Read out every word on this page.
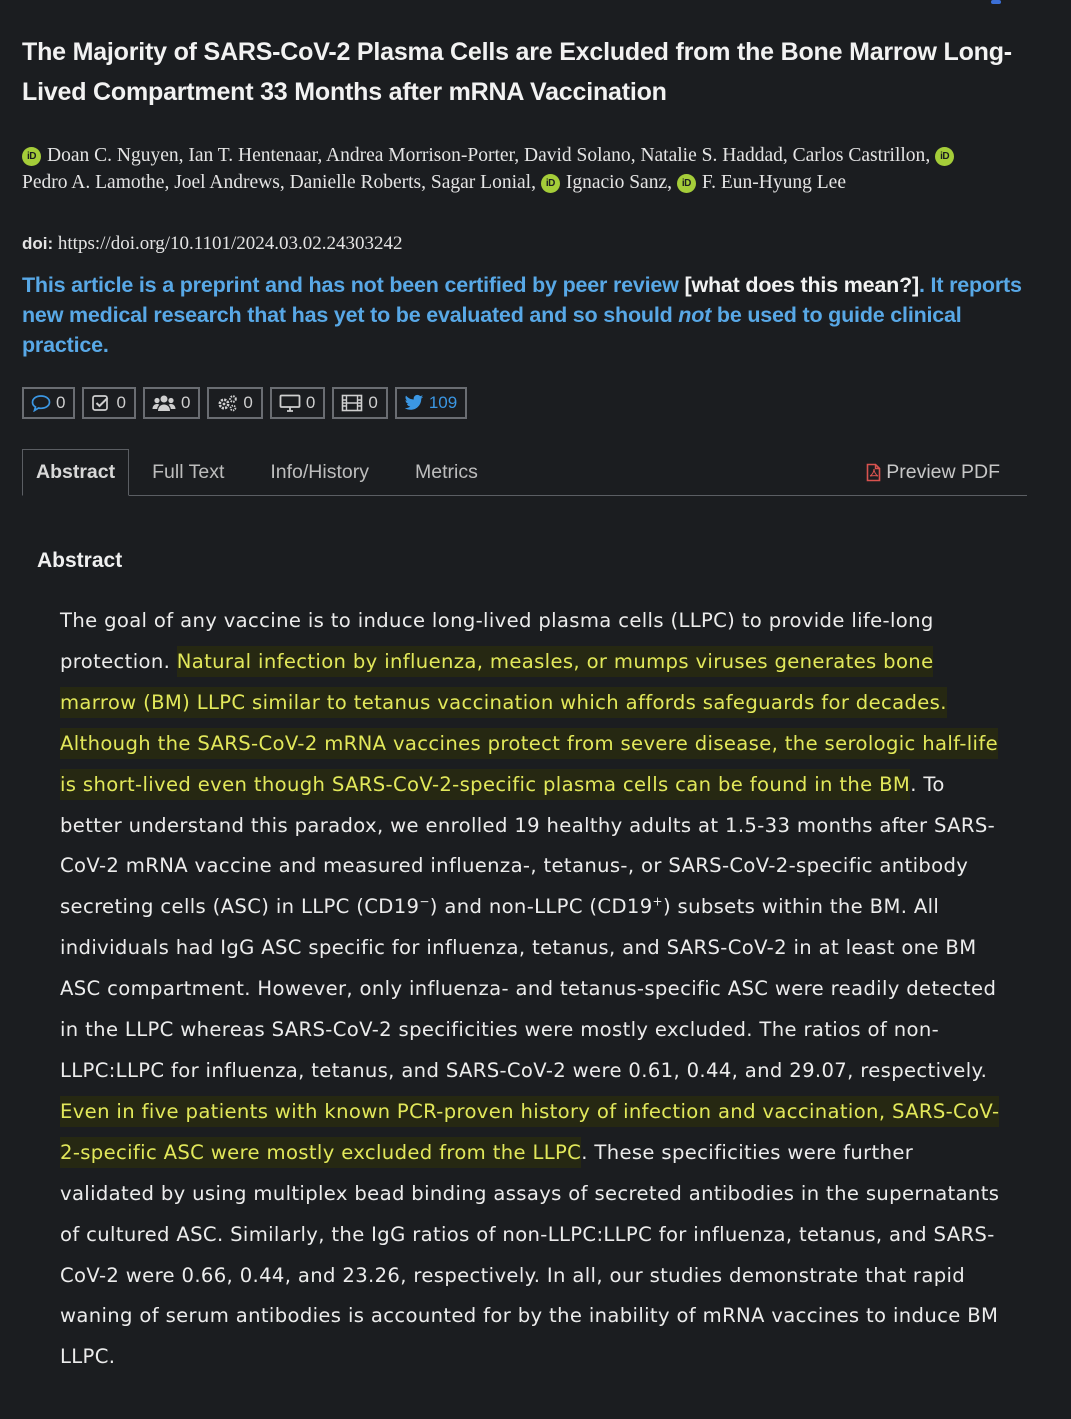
The Majority of SARS-CoV-2 Plasma Cells are Excluded from the Bone Marrow Long-Lived Compartment 33 Months after mRNA Vaccination
iD Doan C. Nguyen, Ian T. Hentenaar, Andrea Morrison-Porter, David Solano, Natalie S. Haddad, Carlos Castrillon, iDPedro A. Lamothe, Joel Andrews, Danielle Roberts, Sagar Lonial, iD Ignacio Sanz, iD F. Eun-Hyung Lee
doi: https://doi.org/10.1101/2024.03.02.24303242
This article is a preprint and has not been certified by peer review [what does this mean?]. It reports new medical research that has yet to be evaluated and so should not be used to guide clinical practice.
0	0	0	0	0	0	109
Abstract	Full Text	Info/History	Metrics	Preview PDF
Abstract

The goal of any vaccine is to induce long-lived plasma cells (LLPC) to provide life-long protection. Natural infection by influenza, measles, or mumps viruses generates bone marrow (BM) LLPC similar to tetanus vaccination which affords safeguards for decades. Although the SARS-CoV-2 mRNA vaccines protect from severe disease, the serologic half-life is short-lived even though SARS-CoV-2-specific plasma cells can be found in the BM. To better understand this paradox, we enrolled 19 healthy adults at 1.5-33 months after SARS-CoV-2 mRNA vaccine and measured influenza-, tetanus-, or SARS-CoV-2-specific antibody secreting cells (ASC) in LLPC (CD19−) and non-LLPC (CD19+) subsets within the BM. All individuals had IgG ASC specific for influenza, tetanus, and SARS-CoV-2 in at least one BM ASC compartment. However, only influenza- and tetanus-specific ASC were readily detected in the LLPC whereas SARS-CoV-2 specificities were mostly excluded. The ratios of non-LLPC:LLPC for influenza, tetanus, and SARS-CoV-2 were 0.61, 0.44, and 29.07, respectively. Even in five patients with known PCR-proven history of infection and vaccination, SARS-CoV-2-specific ASC were mostly excluded from the LLPC. These specificities were further validated by using multiplex bead binding assays of secreted antibodies in the supernatants of cultured ASC. Similarly, the IgG ratios of non-LLPC:LLPC for influenza, tetanus, and SARS-CoV-2 were 0.66, 0.44, and 23.26, respectively. In all, our studies demonstrate that rapid waning of serum antibodies is accounted for by the inability of mRNA vaccines to induce BM LLPC.
